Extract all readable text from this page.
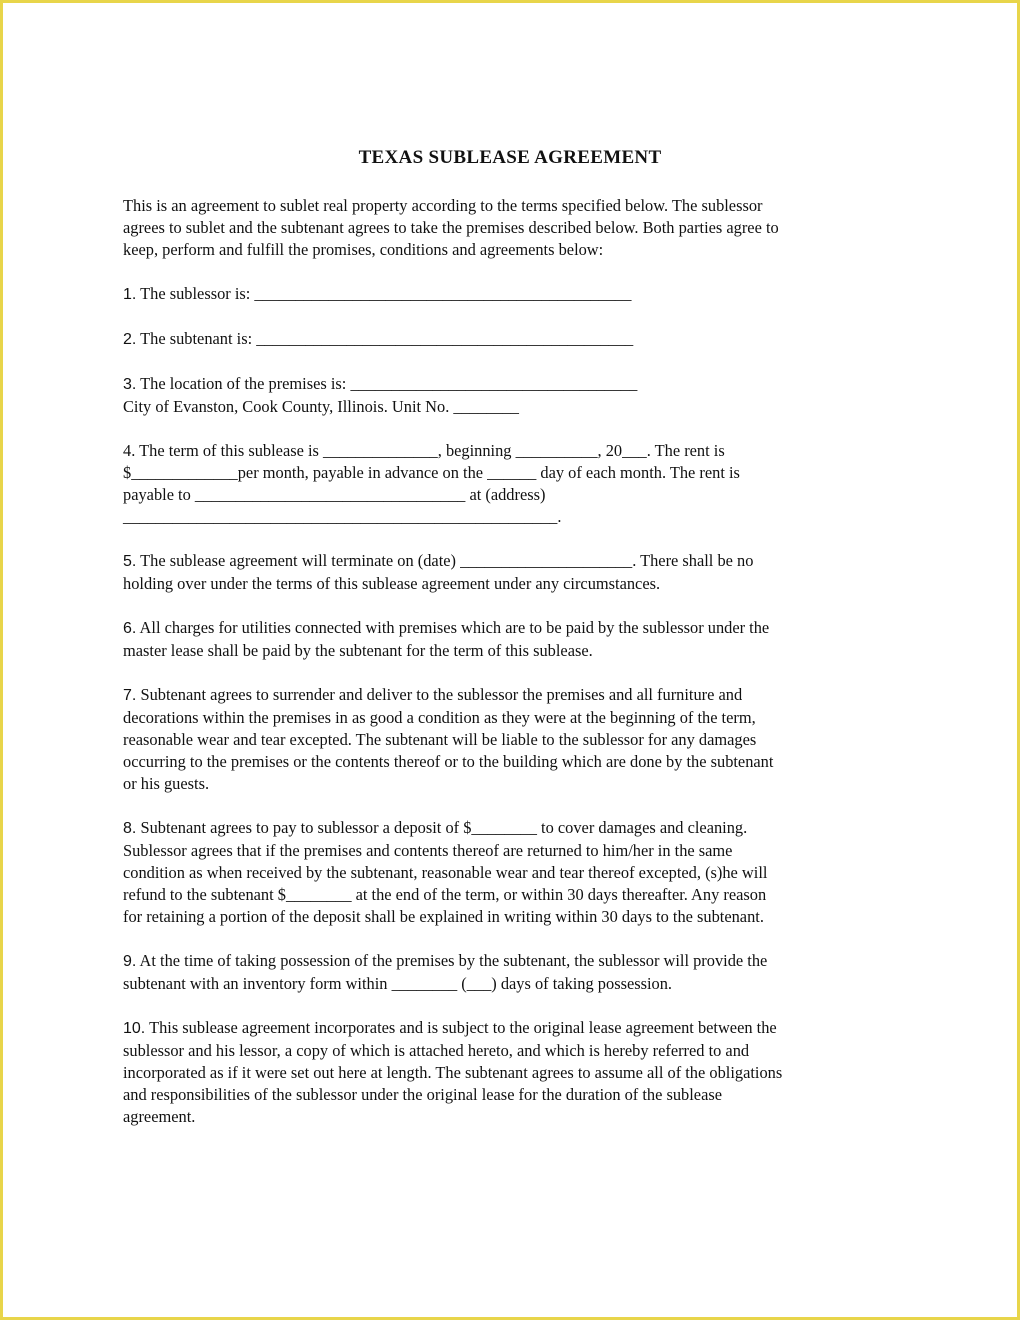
TEXAS SUBLEASE AGREEMENT
This is an agreement to sublet real property according to the terms specified below. The sublessor
agrees to sublet and the subtenant agrees to take the premises described below. Both parties agree to
keep, perform and fulfill the promises, conditions and agreements below:
1. The sublessor is: ______________________________________________
2. The subtenant is: ______________________________________________
3. The location of the premises is: ___________________________________
City of Evanston, Cook County, Illinois. Unit No. ________
4. The term of this sublease is ______________, beginning __________, 20___. The rent is
$_____________per month, payable in advance on the ______ day of each month. The rent is
payable to _________________________________ at (address)
_____________________________________________________.
5. The sublease agreement will terminate on (date) _____________________. There shall be no
holding over under the terms of this sublease agreement under any circumstances.
6. All charges for utilities connected with premises which are to be paid by the sublessor under the
master lease shall be paid by the subtenant for the term of this sublease.
7. Subtenant agrees to surrender and deliver to the sublessor the premises and all furniture and
decorations within the premises in as good a condition as they were at the beginning of the term,
reasonable wear and tear excepted. The subtenant will be liable to the sublessor for any damages
occurring to the premises or the contents thereof or to the building which are done by the subtenant
or his guests.
8. Subtenant agrees to pay to sublessor a deposit of $________ to cover damages and cleaning.
Sublessor agrees that if the premises and contents thereof are returned to him/her in the same
condition as when received by the subtenant, reasonable wear and tear thereof excepted, (s)he will
refund to the subtenant $________ at the end of the term, or within 30 days thereafter. Any reason
for retaining a portion of the deposit shall be explained in writing within 30 days to the subtenant.
9. At the time of taking possession of the premises by the subtenant, the sublessor will provide the
subtenant with an inventory form within ________ (___) days of taking possession.
10. This sublease agreement incorporates and is subject to the original lease agreement between the
sublessor and his lessor, a copy of which is attached hereto, and which is hereby referred to and
incorporated as if it were set out here at length. The subtenant agrees to assume all of the obligations
and responsibilities of the sublessor under the original lease for the duration of the sublease
agreement.
